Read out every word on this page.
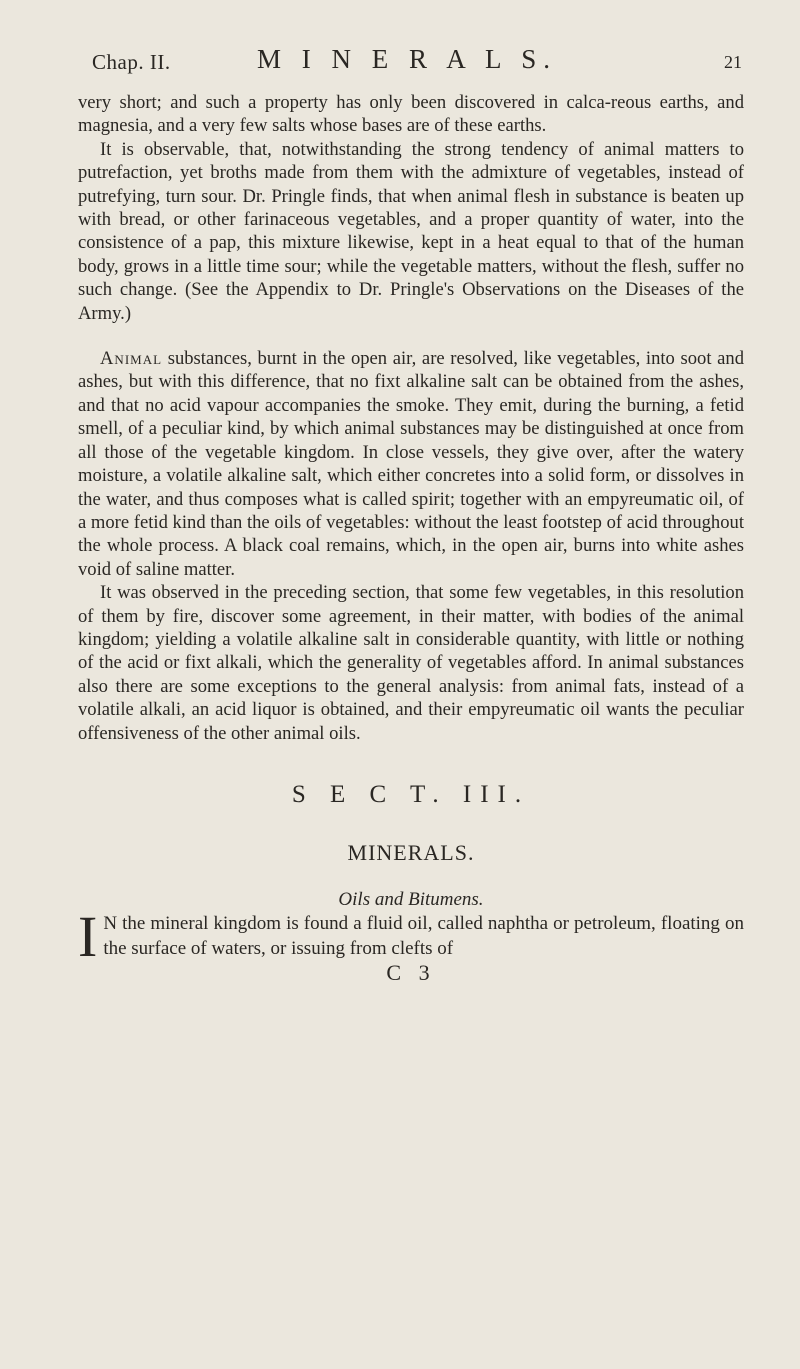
Chap. II.	M I N E R A L S.	21

very short; and such a property has only been discovered in calca-reous earths, and magnesia, and a very few salts whose bases are of these earths.

It is observable, that, notwithstanding the strong tendency of animal matters to putrefaction, yet broths made from them with the admixture of vegetables, instead of putrefying, turn sour. Dr. Pringle finds, that when animal flesh in substance is beaten up with bread, or other farinaceous vegetables, and a proper quantity of water, into the consistence of a pap, this mixture likewise, kept in a heat equal to that of the human body, grows in a little time sour; while the vegetable matters, without the flesh, suffer no such change. (See the Appendix to Dr. Pringle's Observations on the Diseases of the Army.)

Animal substances, burnt in the open air, are resolved, like vegetables, into soot and ashes, but with this difference, that no fixt alkaline salt can be obtained from the ashes, and that no acid vapour accompanies the smoke. They emit, during the burning, a fetid smell, of a peculiar kind, by which animal substances may be distinguished at once from all those of the vegetable kingdom. In close vessels, they give over, after the watery moisture, a volatile alkaline salt, which either concretes into a solid form, or dissolves in the water, and thus composes what is called spirit; together with an empyreumatic oil, of a more fetid kind than the oils of vegetables: without the least footstep of acid throughout the whole process. A black coal remains, which, in the open air, burns into white ashes void of saline matter.

It was observed in the preceding section, that some few vegetables, in this resolution of them by fire, discover some agreement, in their matter, with bodies of the animal kingdom; yielding a volatile alkaline salt in considerable quantity, with little or nothing of the acid or fixt alkali, which the generality of vegetables afford. In animal substances also there are some exceptions to the general analysis: from animal fats, instead of a volatile alkali, an acid liquor is obtained, and their empyreumatic oil wants the peculiar offensiveness of the other animal oils.

S E C T. III.
MINERALS.
Oils and Bitumens.

I N the mineral kingdom is found a fluid oil, called naphtha or petroleum, floating on the surface of waters, or issuing from clefts of

C 3
